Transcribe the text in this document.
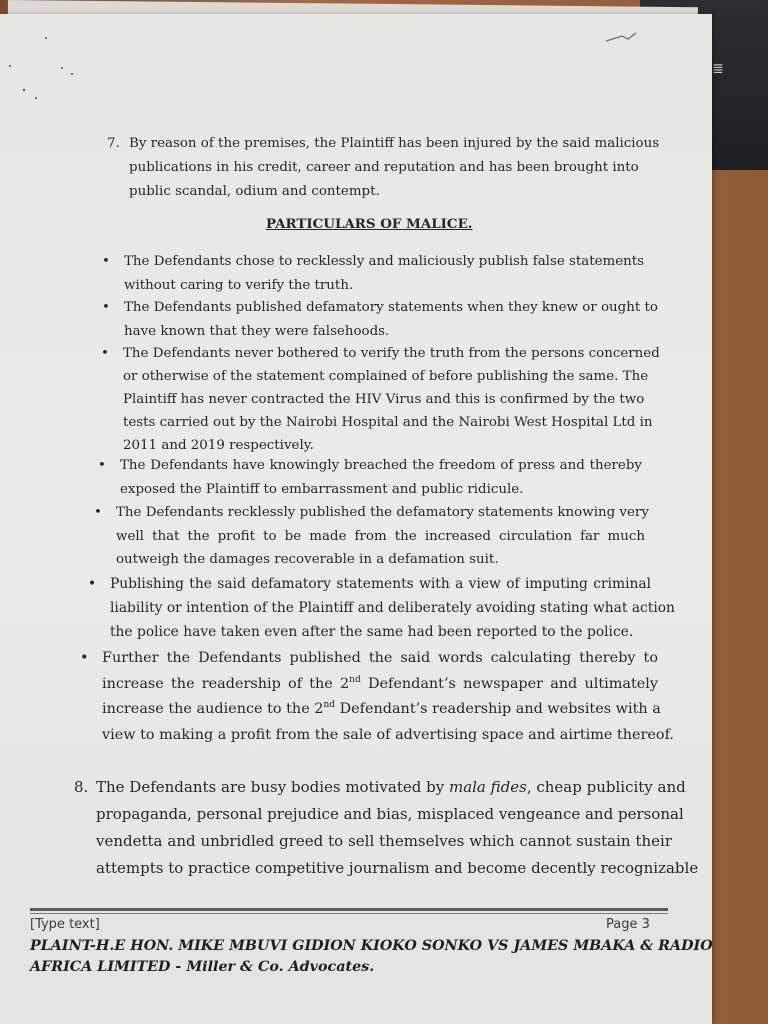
≣
7. By reason of the premises, the Plaintiff has been injured by the said malicious
publications in his credit, career and reputation and has been brought into
public scandal, odium and contempt.
PARTICULARS OF MALICE.
• The Defendants chose to recklessly and maliciously publish false statements
without caring to verify the truth.
• The Defendants published defamatory statements when they knew or ought to
have known that they were falsehoods.
• The Defendants never bothered to verify the truth from the persons concerned
or otherwise of the statement complained of before publishing the same. The
Plaintiff has never contracted the HIV Virus and this is confirmed by the two
tests carried out by the Nairobi Hospital and the Nairobi West Hospital Ltd in
2011 and 2019 respectively.
• The Defendants have knowingly breached the freedom of press and thereby
exposed the Plaintiff to embarrassment and public ridicule.
• The Defendants recklessly published the defamatory statements knowing very
well that the profit to be made from the increased circulation far much
outweigh the damages recoverable in a defamation suit.
• Publishing the said defamatory statements with a view of imputing criminal
liability or intention of the Plaintiff and deliberately avoiding stating what action
the police have taken even after the same had been reported to the police.
• Further the Defendants published the said words calculating thereby to
increase the readership of the 2nd Defendant’s newspaper and ultimately
increase the audience to the 2nd Defendant’s readership and websites with a
view to making a profit from the sale of advertising space and airtime thereof.
8. The Defendants are busy bodies motivated by mala fides, cheap publicity and
propaganda, personal prejudice and bias, misplaced vengeance and personal
vendetta and unbridled greed to sell themselves which cannot sustain their
attempts to practice competitive journalism and become decently recognizable
[Type text]	Page 3
PLAINT-H.E HON. MIKE MBUVI GIDION KIOKO SONKO VS JAMES MBAKA & RADIO
AFRICA LIMITED - Miller & Co. Advocates.
